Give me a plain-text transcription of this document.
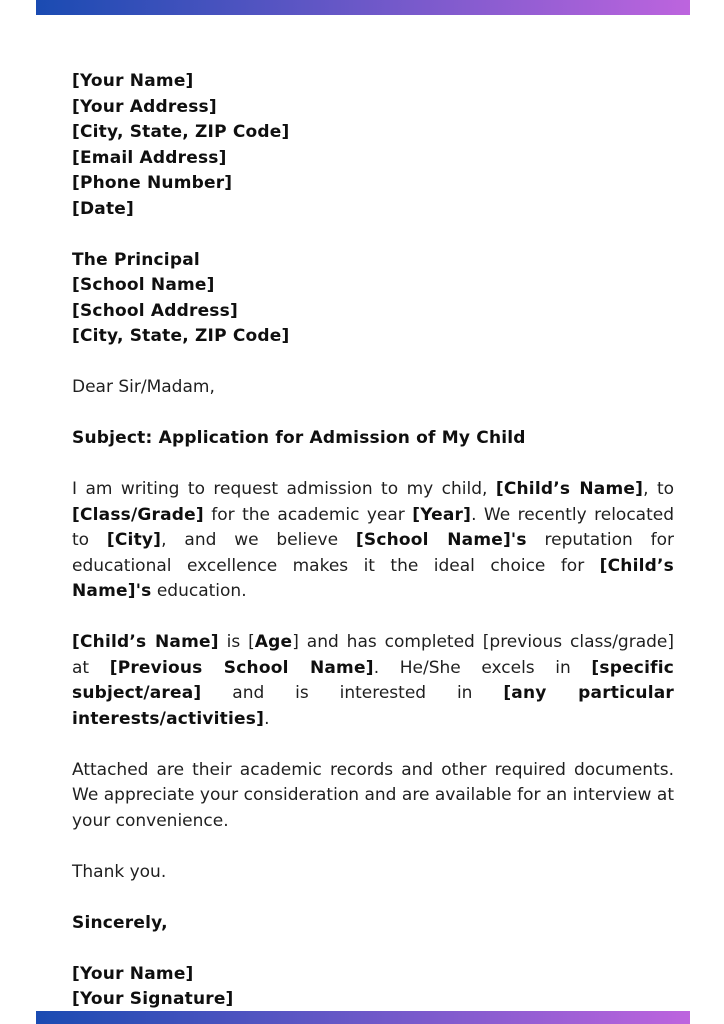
[Your Name]
[Your Address]
[City, State, ZIP Code]
[Email Address]
[Phone Number]
[Date]
The Principal
[School Name]
[School Address]
[City, State, ZIP Code]
Dear Sir/Madam,
Subject: Application for Admission of My Child

I am writing to request admission to my child, [Child’s Name], to [Class/Grade] for the academic year [Year]. We recently relocated to [City], and we believe [School Name]'s reputation for educational excellence makes it the ideal choice for [Child’s Name]'s education.

[Child’s Name] is [Age] and has completed [previous class/grade] at [Previous School Name]. He/She excels in [specific subject/area] and is interested in [any particular interests/activities].

Attached are their academic records and other required documents. We appreciate your consideration and are available for an interview at your convenience.

Thank you.
Sincerely,
[Your Name]
[Your Signature]
